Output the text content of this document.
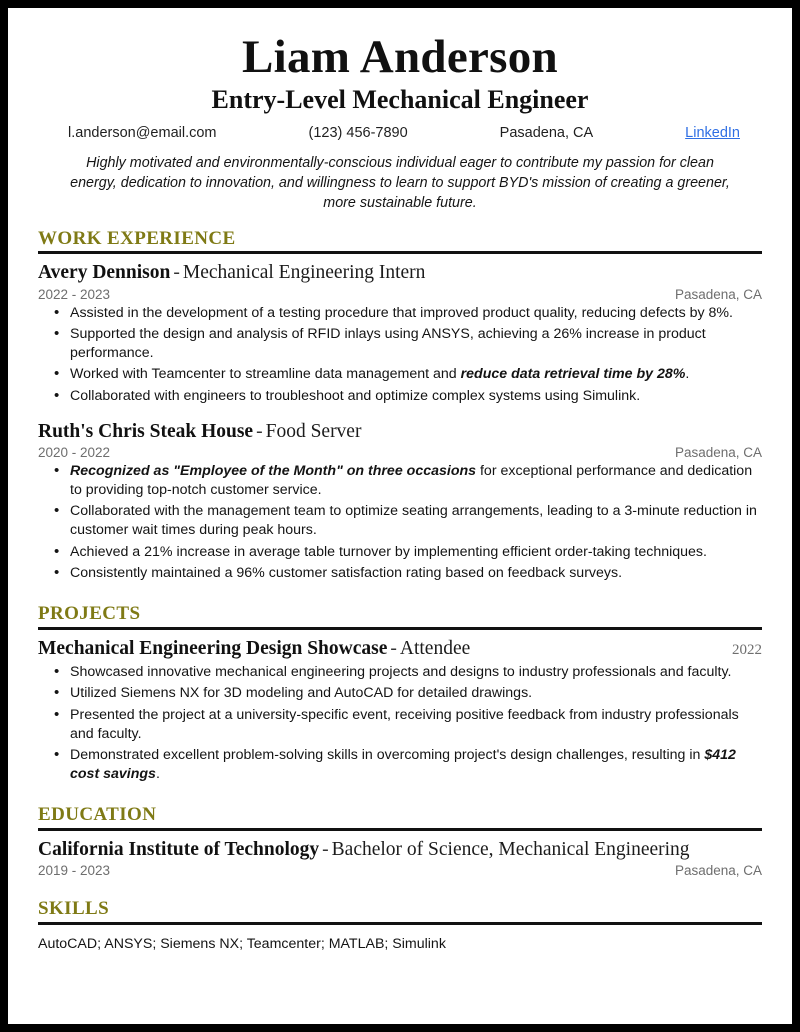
Liam Anderson
Entry-Level Mechanical Engineer
l.anderson@email.com	(123) 456-7890	Pasadena, CA	LinkedIn
Highly motivated and environmentally-conscious individual eager to contribute my passion for clean energy, dedication to innovation, and willingness to learn to support BYD's mission of creating a greener, more sustainable future.
WORK EXPERIENCE
Avery Dennison - Mechanical Engineering Intern
2022 - 2023	Pasadena, CA
• Assisted in the development of a testing procedure that improved product quality, reducing defects by 8%.
• Supported the design and analysis of RFID inlays using ANSYS, achieving a 26% increase in product performance.
• Worked with Teamcenter to streamline data management and reduce data retrieval time by 28%.
• Collaborated with engineers to troubleshoot and optimize complex systems using Simulink.
Ruth's Chris Steak House - Food Server
2020 - 2022	Pasadena, CA
• Recognized as "Employee of the Month" on three occasions for exceptional performance and dedication to providing top-notch customer service.
• Collaborated with the management team to optimize seating arrangements, leading to a 3-minute reduction in customer wait times during peak hours.
• Achieved a 21% increase in average table turnover by implementing efficient order-taking techniques.
• Consistently maintained a 96% customer satisfaction rating based on feedback surveys.
PROJECTS
Mechanical Engineering Design Showcase - Attendee	2022
• Showcased innovative mechanical engineering projects and designs to industry professionals and faculty.
• Utilized Siemens NX for 3D modeling and AutoCAD for detailed drawings.
• Presented the project at a university-specific event, receiving positive feedback from industry professionals and faculty.
• Demonstrated excellent problem-solving skills in overcoming project's design challenges, resulting in $412 cost savings.
EDUCATION
California Institute of Technology - Bachelor of Science, Mechanical Engineering
2019 - 2023	Pasadena, CA
SKILLS
AutoCAD; ANSYS; Siemens NX; Teamcenter; MATLAB; Simulink
